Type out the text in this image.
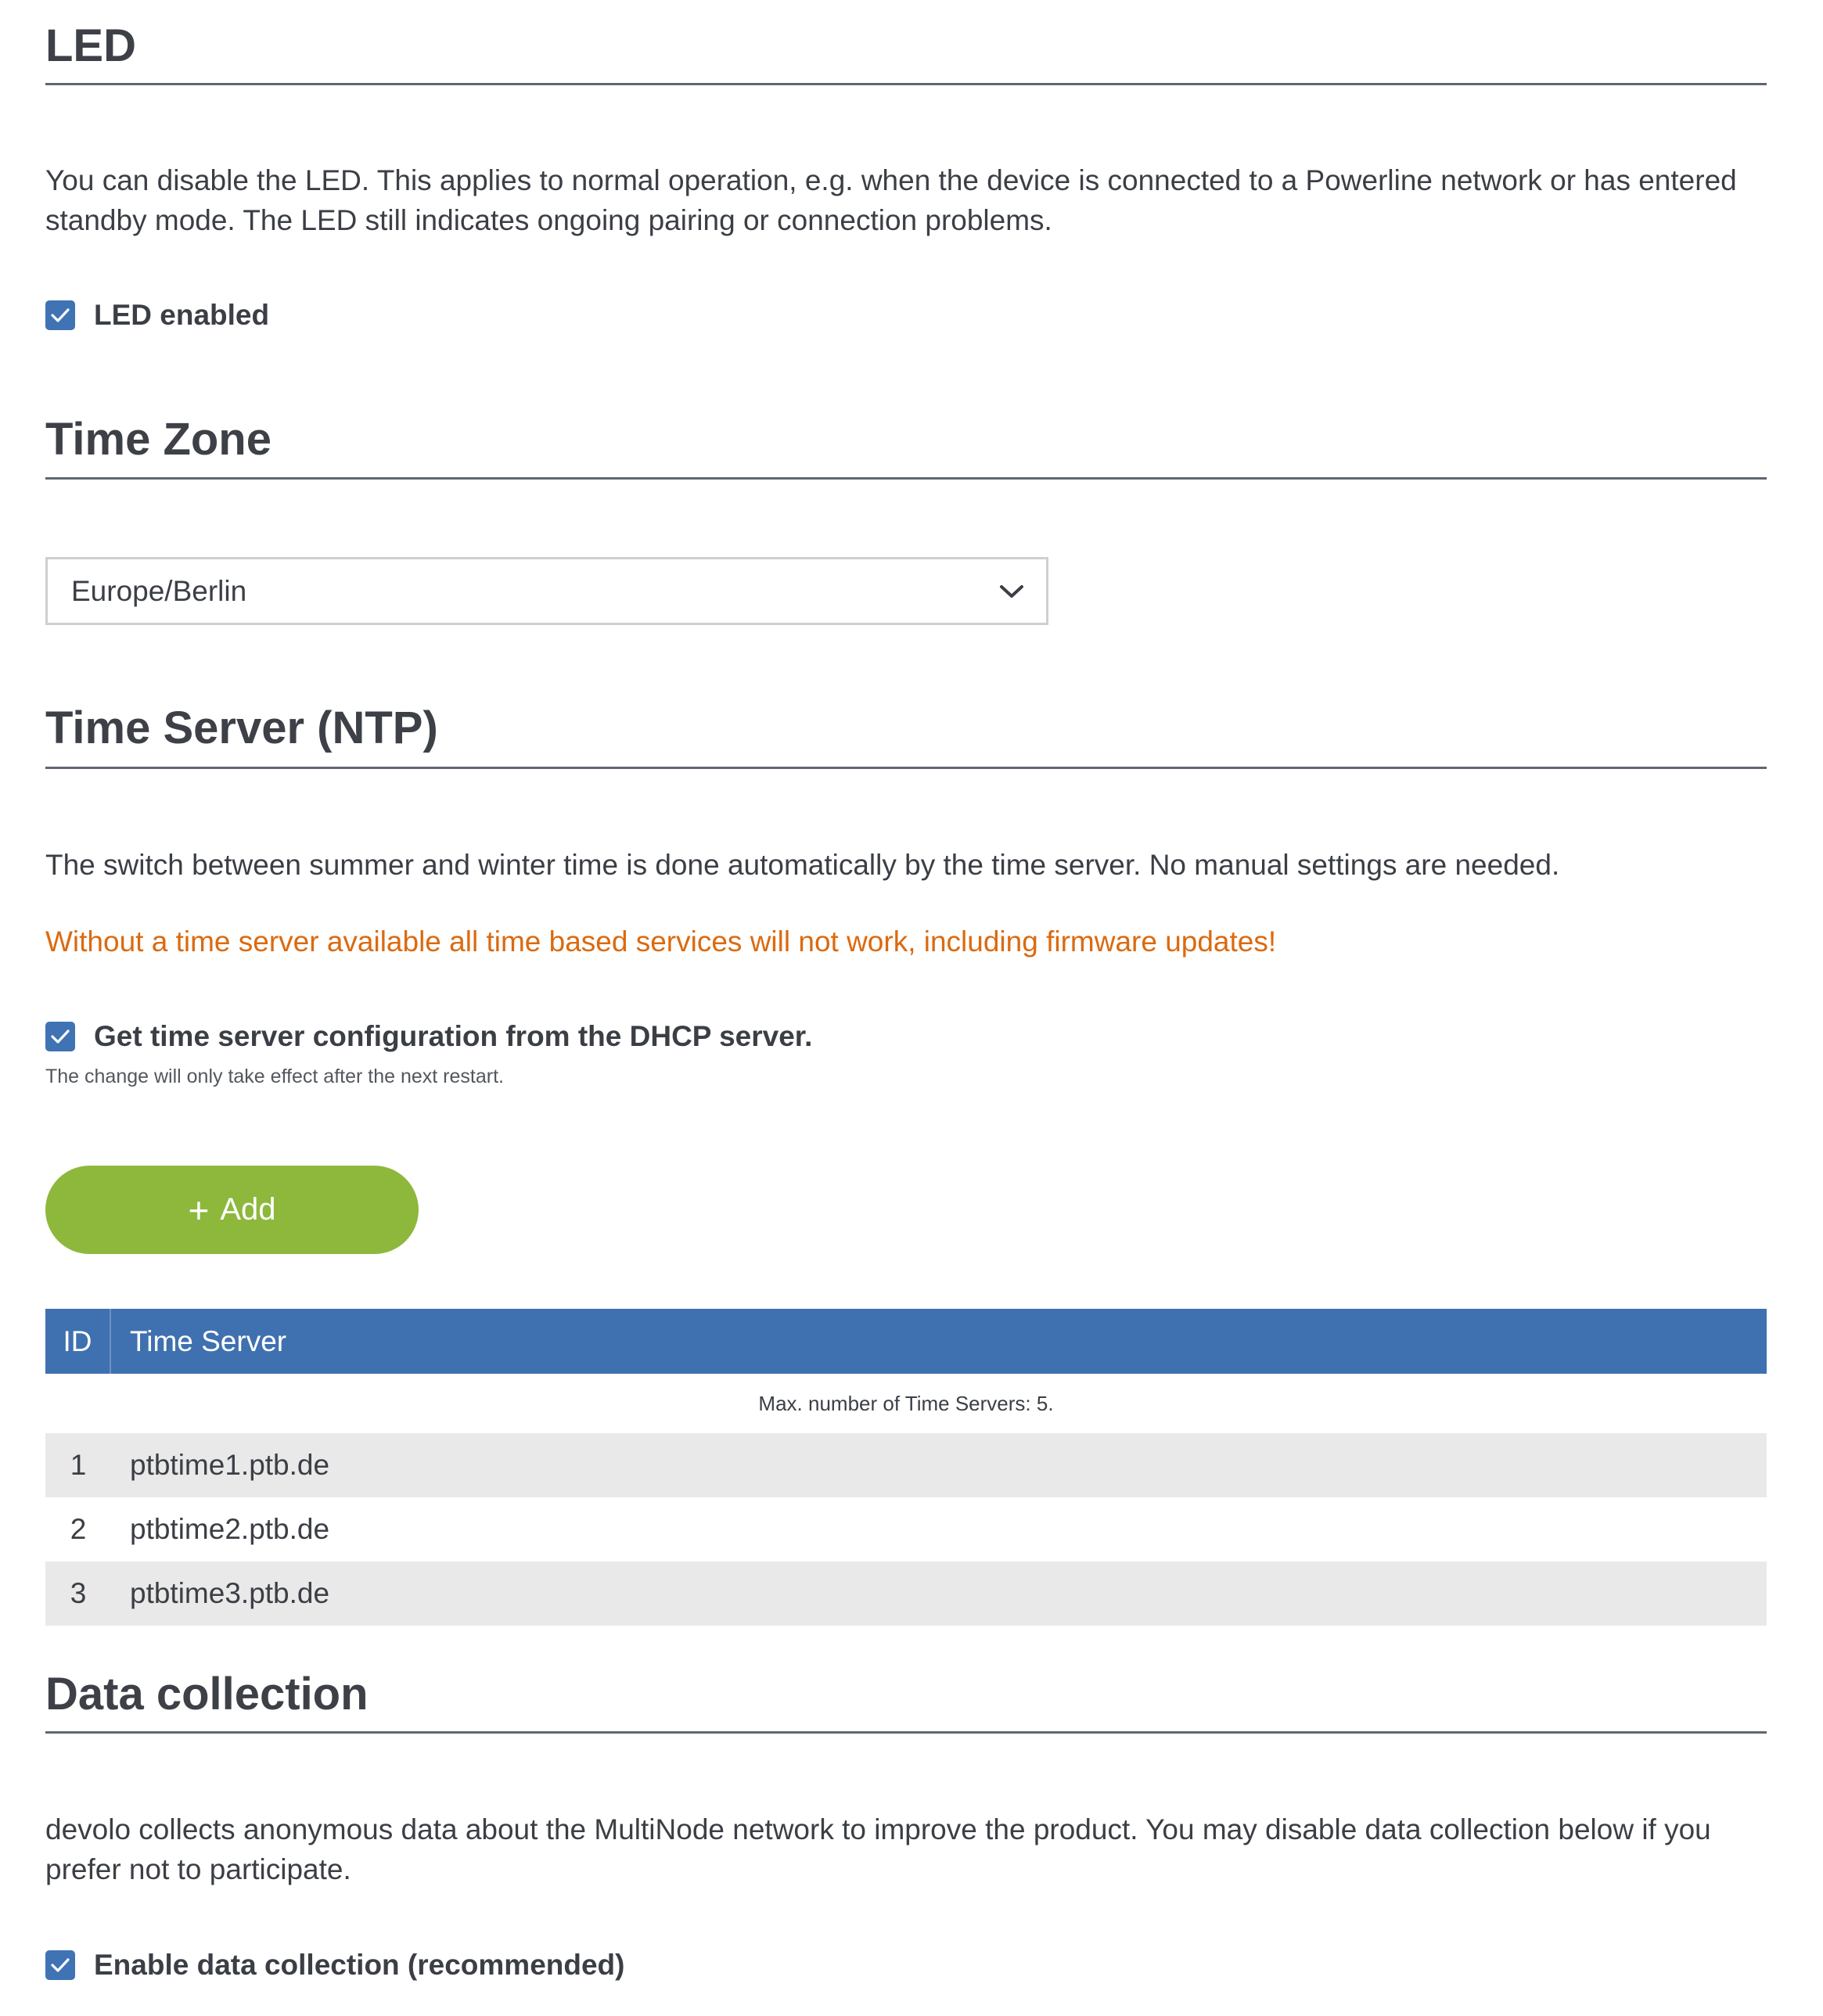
LED

You can disable the LED. This applies to normal operation, e.g. when the device is connected to a Powerline network or has entered standby mode. The LED still indicates ongoing pairing or connection problems.

LED enabled
Time Zone
Europe/Berlin
Time Server (NTP)

The switch between summer and winter time is done automatically by the time server. No manual settings are needed.

Without a time server available all time based services will not work, including firmware updates!

Get time server configuration from the DHCP server.
The change will only take effect after the next restart.
+ Add
ID	Time Server
Max. number of Time Servers: 5.
1	ptbtime1.ptb.de
2	ptbtime2.ptb.de
3	ptbtime3.ptb.de
Data collection

devolo collects anonymous data about the MultiNode network to improve the product. You may disable data collection below if you prefer not to participate.

Enable data collection (recommended)
